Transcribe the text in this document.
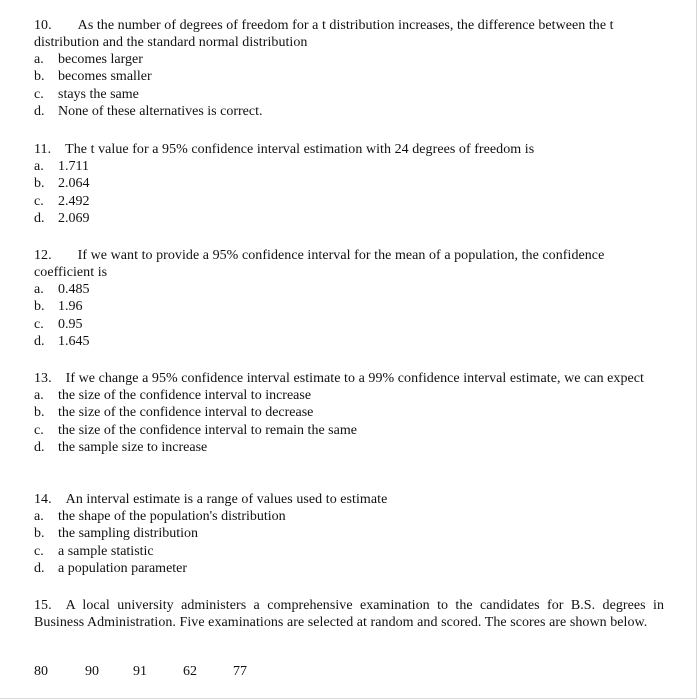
10. As the number of degrees of freedom for a t distribution increases, the difference between the t distribution and the standard normal distribution

a.	becomes larger
b. becomes smaller
c.	stays the same
d. None of these alternatives is correct.

11. The t value for a 95% confidence interval estimation with 24 degrees of freedom is

a.	1.711
b. 2.064
c.	2.492
d. 2.069

12. If we want to provide a 95% confidence interval for the mean of a population, the confidence coefficient is

a.	0.485
b. 1.96
c.	0.95
d. 1.645

13. If we change a 95% confidence interval estimate to a 99% confidence interval estimate, we can expect

a.	the size of the confidence interval to increase
b. the size of the confidence interval to decrease
c.	the size of the confidence interval to remain the same
d. the sample size to increase

14. An interval estimate is a range of values used to estimate

a.	the shape of the population's distribution
b. the sampling distribution
c.	a sample statistic
d. a population parameter

15. A local university administers a comprehensive examination to the candidates for B.S. degrees in Business Administration. Five examinations are selected at random and scored. The scores are shown below.

80	90 91	62	77
